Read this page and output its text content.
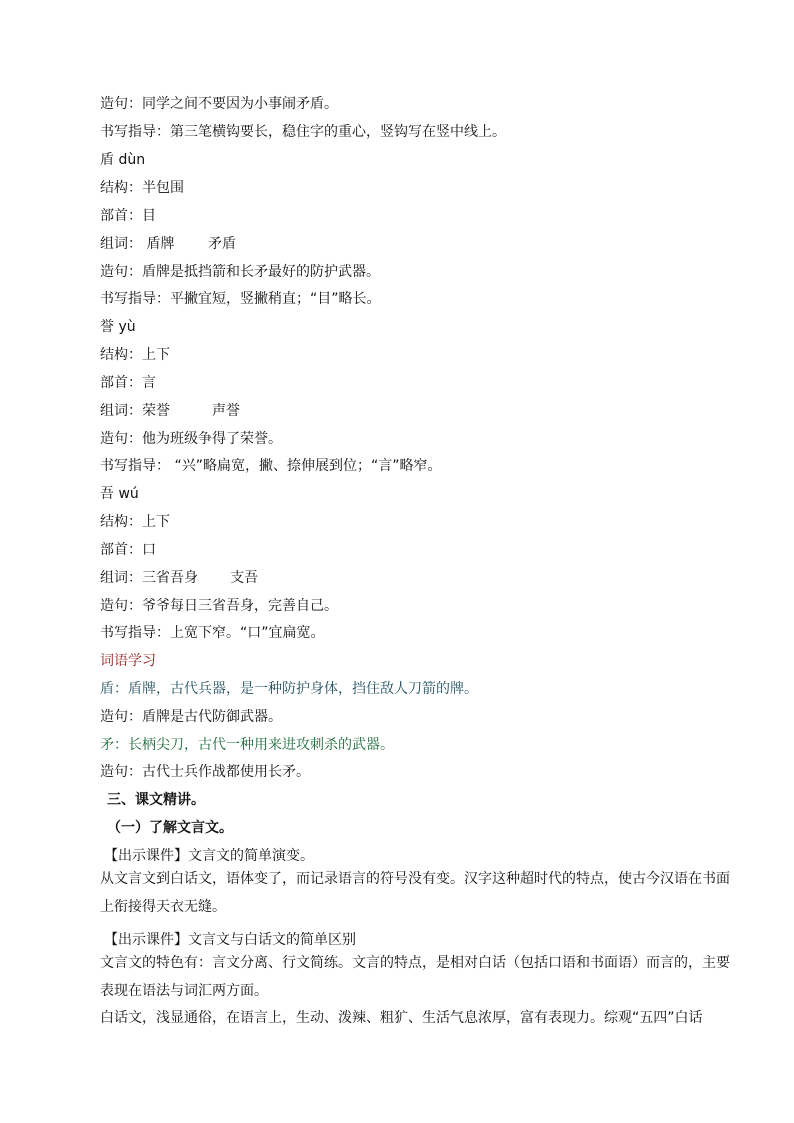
造句：同学之间不要因为小事闹矛盾。
书写指导：第三笔横钩要长，稳住字的重心，竖钩写在竖中线上。
盾 dùn
结构：半包围
部首：目
组词： 盾牌 矛盾
造句：盾牌是抵挡箭和长矛最好的防护武器。
书写指导：平撇宜短，竖撇稍直；“目”略长。
誉 yù
结构：上下
部首：言
组词：荣誉	声誉
造句：他为班级争得了荣誉。
书写指导： “兴”略扁宽，撇、捺伸展到位；“言”略窄。
吾 wú
结构：上下
部首：口
组词：三省吾身 支吾
造句：爷爷每日三省吾身，完善自己。
书写指导：上宽下窄。“口”宜扁宽。
词语学习
盾：盾牌，古代兵器，是一种防护身体，挡住敌人刀箭的牌。
造句：盾牌是古代防御武器。
矛：长柄尖刀，古代一种用来进攻刺杀的武器。
造句：古代士兵作战都使用长矛。
三、课文精讲。
（一）了解文言文。
【出示课件】文言文的简单演变。
从文言文到白话文，语体变了，而记录语言的符号没有变。汉字这种超时代的特点，使古今汉语在书面上衔接得天衣无缝。
【出示课件】文言文与白话文的简单区别
文言文的特色有：言文分离、行文简练。文言的特点，是相对白话（包括口语和书面语）而言的，主要表现在语法与词汇两方面。
白话文，浅显通俗，在语言上，生动、泼辣、粗犷、生活气息浓厚，富有表现力。综观“五四”白话
